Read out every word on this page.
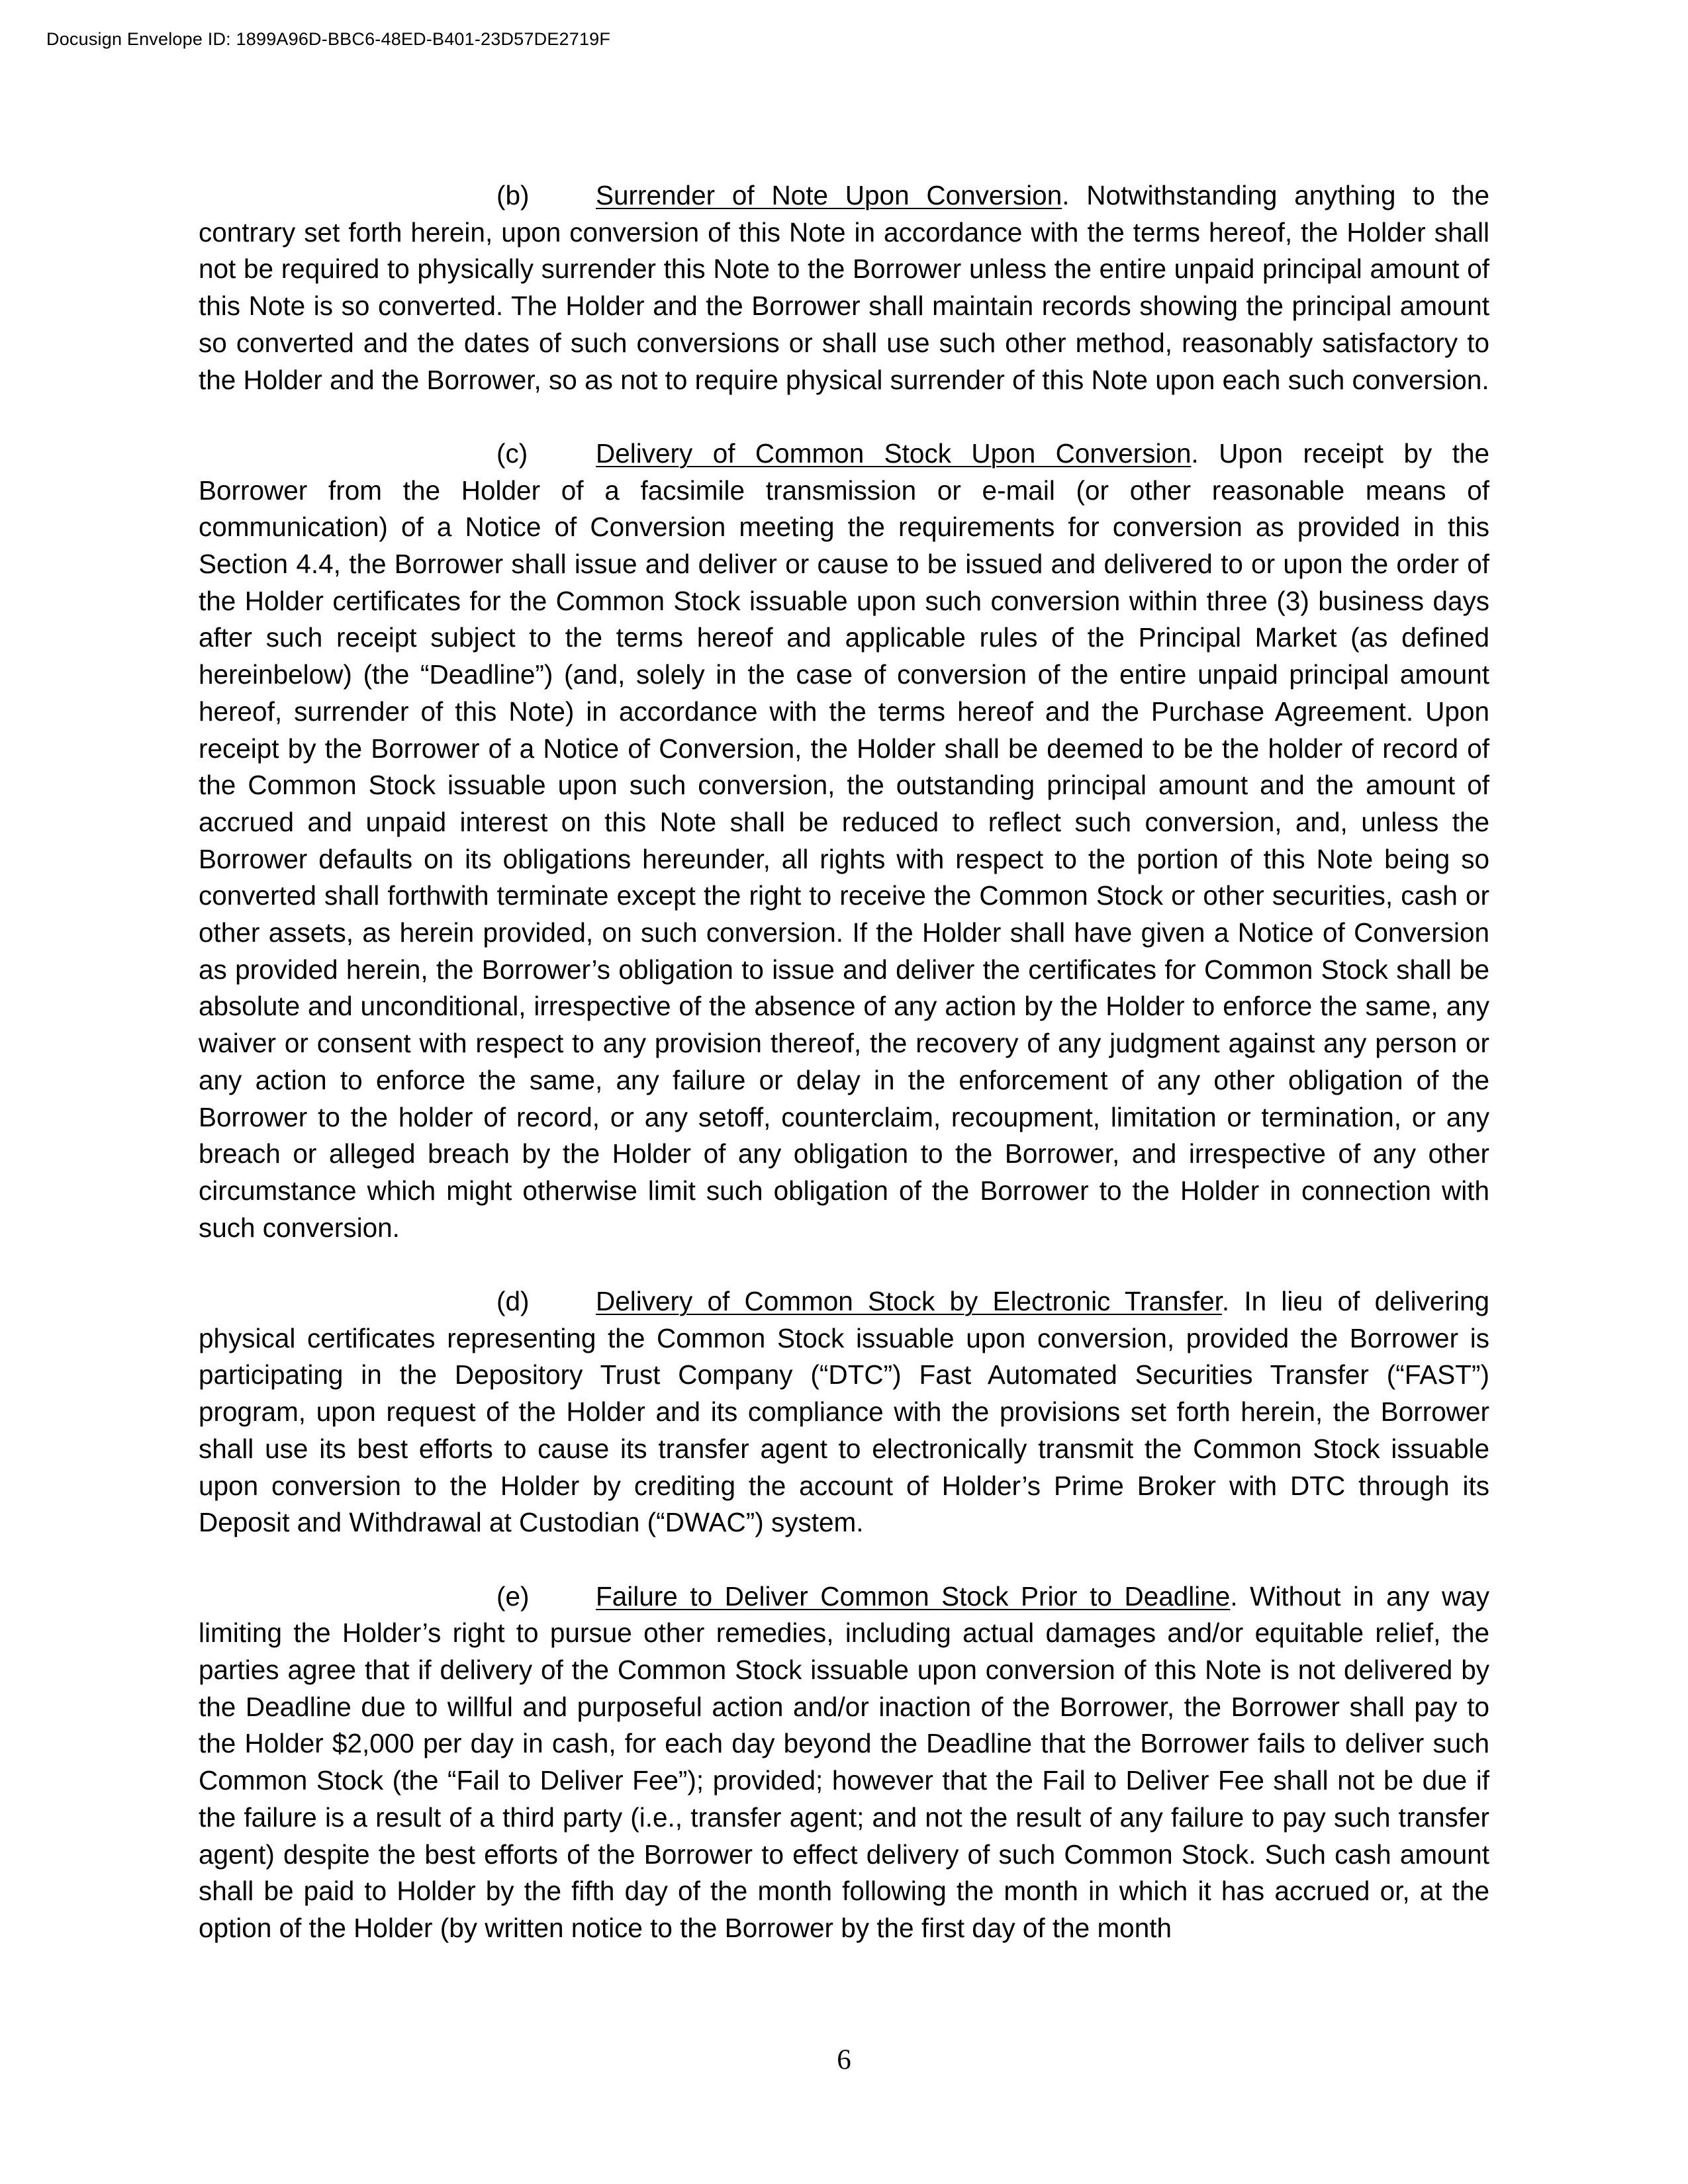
Docusign Envelope ID: 1899A96D-BBC6-48ED-B401-23D57DE2719F

(b) Surrender of Note Upon Conversion. Notwithstanding anything to the contrary set forth herein, upon conversion of this Note in accordance with the terms hereof, the Holder shall not be required to physically surrender this Note to the Borrower unless the entire unpaid principal amount of this Note is so converted. The Holder and the Borrower shall maintain records showing the principal amount so converted and the dates of such conversions or shall use such other method, reasonably satisfactory to the Holder and the Borrower, so as not to require physical surrender of this Note upon each such conversion.

(c)	Delivery of Common Stock Upon Conversion. Upon receipt by the Borrower from the Holder of a facsimile transmission or e-mail (or other reasonable means of communication) of a Notice of Conversion meeting the requirements for conversion as provided in this Section 4.4, the Borrower shall issue and deliver or cause to be issued and delivered to or upon the order of the Holder certificates for the Common Stock issuable upon such conversion within three (3) business days after such receipt subject to the terms hereof and applicable rules of the Principal Market (as defined hereinbelow) (the “Deadline”) (and, solely in the case of conversion of the entire unpaid principal amount hereof, surrender of this Note) in accordance with the terms hereof and the Purchase Agreement. Upon receipt by the Borrower of a Notice of Conversion, the Holder shall be deemed to be the holder of record of the Common Stock issuable upon such conversion, the outstanding principal amount and the amount of accrued and unpaid interest on this Note shall be reduced to reflect such conversion, and, unless the Borrower defaults on its obligations hereunder, all rights with respect to the portion of this Note being so converted shall forthwith terminate except the right to receive the Common Stock or other securities, cash or other assets, as herein provided, on such conversion. If the Holder shall have given a Notice of Conversion as provided herein, the Borrower’s obligation to issue and deliver the certificates for Common Stock shall be absolute and unconditional, irrespective of the absence of any action by the Holder to enforce the same, any waiver or consent with respect to any provision thereof, the recovery of any judgment against any person or any action to enforce the same, any failure or delay in the enforcement of any other obligation of the Borrower to the holder of record, or any setoff, counterclaim, recoupment, limitation or termination, or any breach or alleged breach by the Holder of any obligation to the Borrower, and irrespective of any other circumstance which might otherwise limit such obligation of the Borrower to the Holder in connection with such conversion.

(d) Delivery of Common Stock by Electronic Transfer. In lieu of delivering physical certificates representing the Common Stock issuable upon conversion, provided the Borrower is participating in the Depository Trust Company (“DTC”) Fast Automated Securities Transfer (“FAST”) program, upon request of the Holder and its compliance with the provisions set forth herein, the Borrower shall use its best efforts to cause its transfer agent to electronically transmit the Common Stock issuable upon conversion to the Holder by crediting the account of Holder’s Prime Broker with DTC through its Deposit and Withdrawal at Custodian (“DWAC”) system.

(e) Failure to Deliver Common Stock Prior to Deadline. Without in any way limiting the Holder’s right to pursue other remedies, including actual damages and/or equitable relief, the parties agree that if delivery of the Common Stock issuable upon conversion of this Note is not delivered by the Deadline due to willful and purposeful action and/or inaction of the Borrower, the Borrower shall pay to the Holder $2,000 per day in cash, for each day beyond the Deadline that the Borrower fails to deliver such Common Stock (the “Fail to Deliver Fee”); provided; however that the Fail to Deliver Fee shall not be due if the failure is a result of a third party (i.e., transfer agent; and not the result of any failure to pay such transfer agent) despite the best efforts of the Borrower to effect delivery of such Common Stock. Such cash amount shall be paid to Holder by the fifth day of the month following the month in which it has accrued or, at the option of the Holder (by written notice to the Borrower by the first day of the month

6
